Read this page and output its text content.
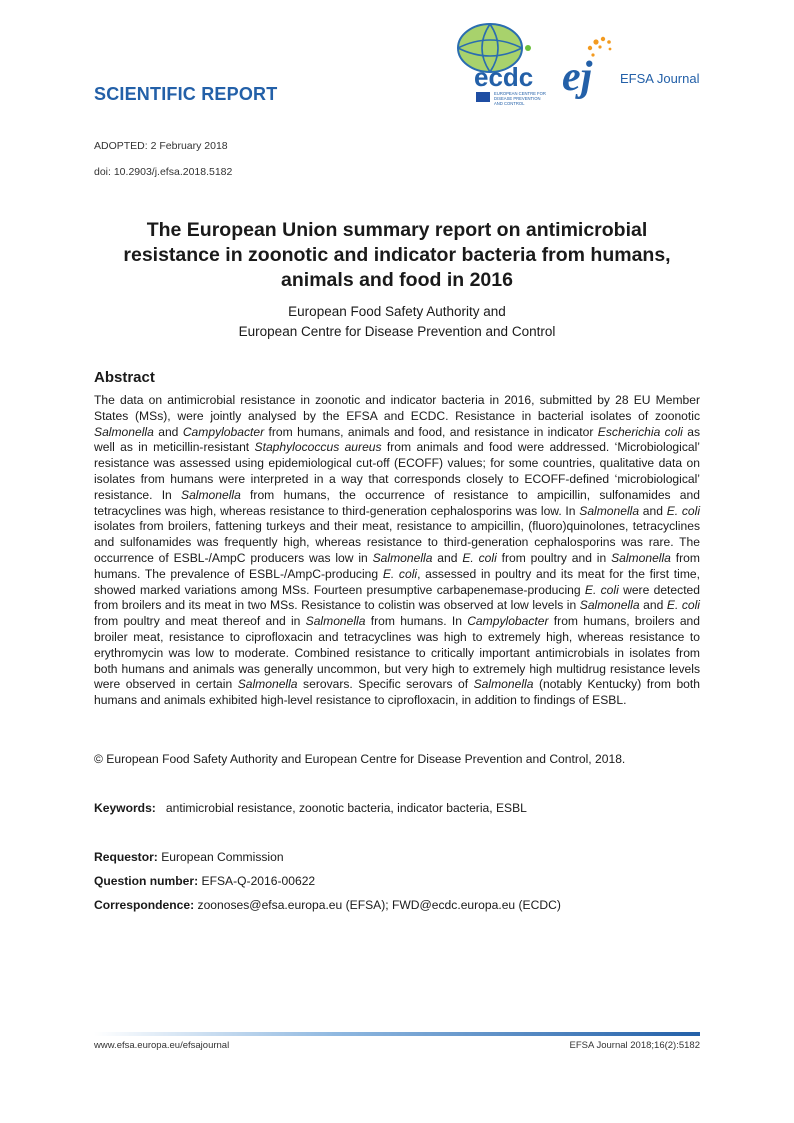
SCIENTIFIC REPORT
ecdc
EUROPEAN CENTRE FOR
DISEASE PREVENTION
AND CONTROL
ej EFSA Journal
ADOPTED: 2 February 2018
doi: 10.2903/j.efsa.2018.5182
The European Union summary report on antimicrobial
resistance in zoonotic and indicator bacteria from humans,
animals and food in 2016
European Food Safety Authority and
European Centre for Disease Prevention and Control
Abstract
The data on antimicrobial resistance in zoonotic and indicator bacteria in 2016, submitted by 28 EU Member States (MSs), were jointly analysed by the EFSA and ECDC. Resistance in bacterial isolates of zoonotic Salmonella and Campylobacter from humans, animals and food, and resistance in indicator Escherichia coli as well as in meticillin-resistant Staphylococcus aureus from animals and food were addressed. ‘Microbiological’ resistance was assessed using epidemiological cut-off (ECOFF) values; for some countries, qualitative data on isolates from humans were interpreted in a way that corresponds closely to ECOFF-defined ‘microbiological’ resistance. In Salmonella from humans, the occurrence of resistance to ampicillin, sulfonamides and tetracyclines was high, whereas resistance to third-generation cephalosporins was low. In Salmonella and E. coli isolates from broilers, fattening turkeys and their meat, resistance to ampicillin, (fluoro)quinolones, tetracyclines and sulfonamides was frequently high, whereas resistance to third-generation cephalosporins was rare. The occurrence of ESBL-/AmpC producers was low in Salmonella and E. coli from poultry and in Salmonella from humans. The prevalence of ESBL-/AmpC-producing E. coli, assessed in poultry and its meat for the first time, showed marked variations among MSs. Fourteen presumptive carbapenemase-producing E. coli were detected from broilers and its meat in two MSs. Resistance to colistin was observed at low levels in Salmonella and E. coli from poultry and meat thereof and in Salmonella from humans. In Campylobacter from humans, broilers and broiler meat, resistance to ciprofloxacin and tetracyclines was high to extremely high, whereas resistance to erythromycin was low to moderate. Combined resistance to critically important antimicrobials in isolates from both humans and animals was generally uncommon, but very high to extremely high multidrug resistance levels were observed in certain Salmonella serovars. Specific serovars of Salmonella (notably Kentucky) from both humans and animals exhibited high-level resistance to ciprofloxacin, in addition to findings of ESBL.
© European Food Safety Authority and European Centre for Disease Prevention and Control, 2018.
Keywords: antimicrobial resistance, zoonotic bacteria, indicator bacteria, ESBL
Requestor: European Commission
Question number: EFSA-Q-2016-00622
Correspondence: zoonoses@efsa.europa.eu (EFSA); FWD@ecdc.europa.eu (ECDC)
www.efsa.europa.eu/efsajournal	EFSA Journal 2018;16(2):5182
